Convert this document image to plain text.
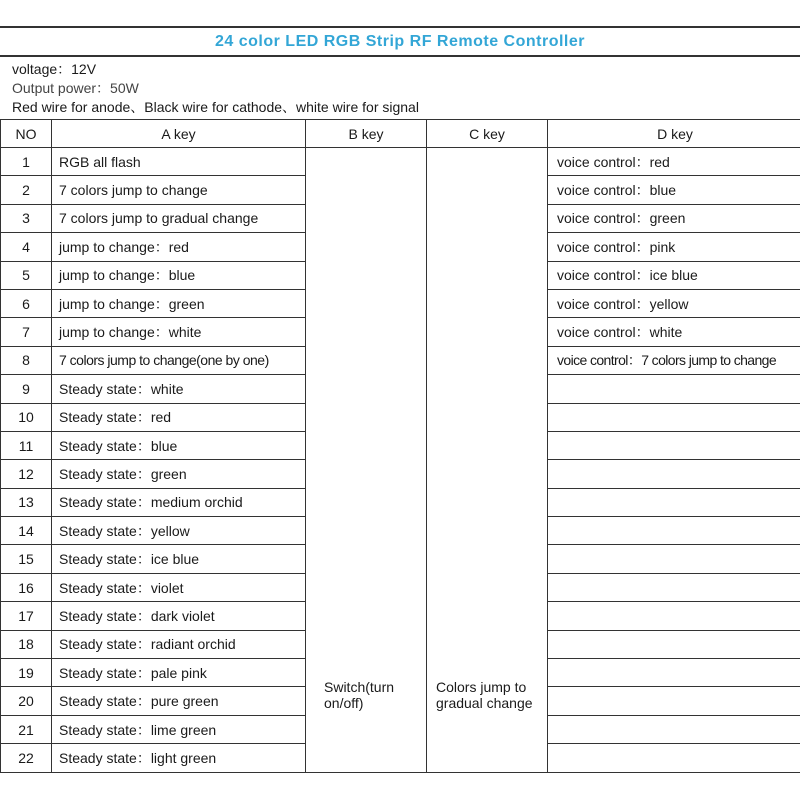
24 color LED RGB Strip RF Remote Controller
voltage：12V
Output power：50W
Red wire for anode、Black wire for cathode、white wire for signal
NO	A key	B key	C key	D key
1	RGB all flash	Switch(turn on/off)	Colors jump to gradual change	voice control：red
2	7 colors jump to change			voice control：blue
3	7 colors jump to gradual change			voice control：green
4	jump to change：red			voice control：pink
5	jump to change：blue			voice control：ice blue
6	jump to change：green			voice control：yellow
7	jump to change：white			voice control：white
8	7 colors jump to change(one by one)			voice control：7 colors jump to change
9	Steady state：white			
10	Steady state：red			
11	Steady state：blue			
12	Steady state：green			
13	Steady state：medium orchid			
14	Steady state：yellow			
15	Steady state：ice blue			
16	Steady state：violet			
17	Steady state：dark violet			
18	Steady state：radiant orchid			
19	Steady state：pale pink			
20	Steady state：pure green			
21	Steady state：lime green			
22	Steady state：light green			
